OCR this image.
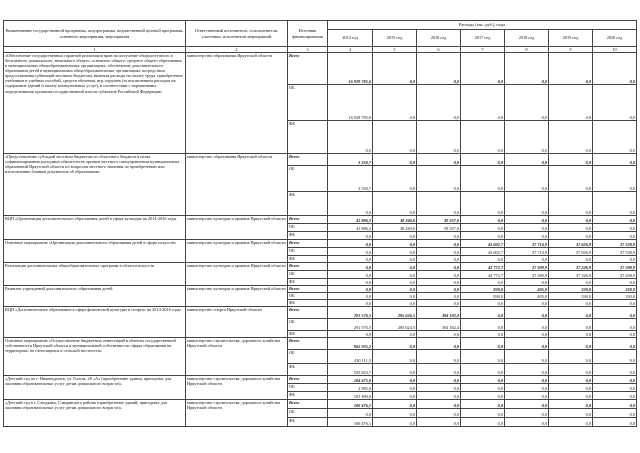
Наименование государственной программы, подпрограммы, ведомственной целевой программы, основного мероприятия, мероприятия	Ответственный исполнитель, соисполнители, участники, исполнители мероприятий	Источник финансирования	Расходы (тыс. руб.), годы						
			2014 год	2015 год	2016 год	2017 год	2018 год	2019 год	2020 год
1	2	3	4	5	6	7	8	9	10
«Обеспечение государственных гарантий реализации прав на получение общедоступного и бесплатного дошкольного, начального общего, основного общего, среднего общего образования в муниципальных общеобразовательных организациях, обеспечение дополнительного образования детей в муниципальных общеобразовательных организациях посредством предоставления субвенций местным бюджетам, включая расходы на оплату труда, приобретение учебников и учебных пособий, средств обучения, игр, игрушек (за исключением расходов на содержание зданий и оплату коммунальных услуг), в соответствии с нормативами, определенными органами государственной власти субъектов Российской Федерации»	министерство образования Иркутской области	Всего	16 929 785,6	0,0	0,0	0,0	0,0	0,0	0,0
		ОБ	16 929 785,6	0,0	0,0	0,0	0,0	0,0	0,0
		ФБ	0,0	0,0	0,0	0,0	0,0	0,0	0,0
«Предоставление субсидий местным бюджетам из областного бюджета в целях софинансирования расходных обязательств органов местного самоуправления муниципальных образований Иркутской области по вопросам местного значения по приобретению или изготовлению бланков документов об образовании»	министерство образования Иркутской области	Всего	3 350,7	0,0	0,0	0,0	0,0	0,0	0,0
		ОБ	3 350,7	0,0	0,0	0,0	0,0	0,0	0,0
		ФБ	0,0	0,0	0,0	0,0	0,0	0,0	0,0
ВЦП «Организация дополнительного образования детей в сфере культуры на 2014-2016 годы	министерство культуры и архивов Иркутской области	Всего	41 886,2	38 240,6	39 357,0	0,0	0,0	0,0	0,0
		ОБ	41 886,2	38 240,6	39 357,0	0,0	0,0	0,0	0,0
		ФБ	0,0	0,0	0,0	0,0	0,0	0,0	0,0
Основное мероприятие «Организация дополнительного образования детей в сфере искусств»	министерство культуры и архивов Иркутской области	Всего	0,0	0,0	0,0	43 602,7	37 714,9	37 656,9	37 538,9
		ОБ	0,0	0,0	0,0	43 602,7	37 714,9	37 656,9	37 538,9
		ФБ	0,0	0,0	0,0	0,0	0,0	0,0	0,0
Реализация дополнительных общеобразовательных программ в области искусств	министерство культуры и архивов Иркутской области	Всего	0,0	0,0	0,0	42 772,7	37 309,9	37 326,9	37 208,9
		ОБ	0,0	0,0	0,0	42 772,7	37 309,9	37 326,9	37 208,9
		ФБ	0,0	0,0	0,0	0,0	0,0	0,0	0,0
Развитие учреждений дополнительного образования детей	министерство культуры и архивов Иркутской области	Всего	0,0	0,0	0,0	830,0	405,0	330,0	330,0
		ОБ	0,0	0,0	0,0	830,0	405,0	330,0	330,0
		ФБ	0,0	0,0	0,0	0,0	0,0	0,0	0,0
ВЦП «Дополнительное образование в сфере физической культуры и спорта» на 2014-2016 годы	министерство спорта Иркутской области	Всего	291 576,5	285 624,5	304 182,4	0,0	0,0	0,0	0,0
		ОБ	291 576,5	285 624,5	304 182,4	0,0	0,0	0,0	0,0
		ФБ	0,0	0,0	0,0	0,0	0,0	0,0	0,0
Основное мероприятие «Осуществление бюджетных инвестиций в объекты государственной собственности Иркутской области и муниципальной собственности сферы образования на территориях, не относящихся к сельской местности»	министерство строительства, дорожного хозяйства Иркутской области	Всего	965 935,2	0,0	0,0	0,0	0,0	0,0	0,0
		ОБ	430 111,5	0,0	0,0	0,0	0,0	0,0	0,0
		ФБ	535 823,7	0,0	0,0	0,0	0,0	0,0	0,0
«Детский сад по г. Нижнеудинск, ул. Гоголя, 28 «А» (приобретение здания, пригодных для оказания образовательных услуг детям дошкольного возраста)»	министерство строительства, дорожного хозяйства Иркутской области	Всего	104 475,0	0,0	0,0	0,0	0,0	0,0	0,0
		ОБ	2 985,0	0,0	0,0	0,0	0,0	0,0	0,0
		ФБ	101 490,0	0,0	0,0	0,0	0,0	0,0	0,0
«Детский сад в г. Слюдянка, Слюдянского района (приобретение зданий, пригодных для оказания образовательных услуг детям дошкольного возраста)»	министерство строительства, дорожного хозяйства Иркутской области	Всего	100 476,1	0,0	0,0	0,0	0,0	0,0	0,0
		ОБ	0,0	0,0	0,0	0,0	0,0	0,0	0,0
		ФБ	100 476,1	0,0	0,0	0,0	0,0	0,0	0,0
